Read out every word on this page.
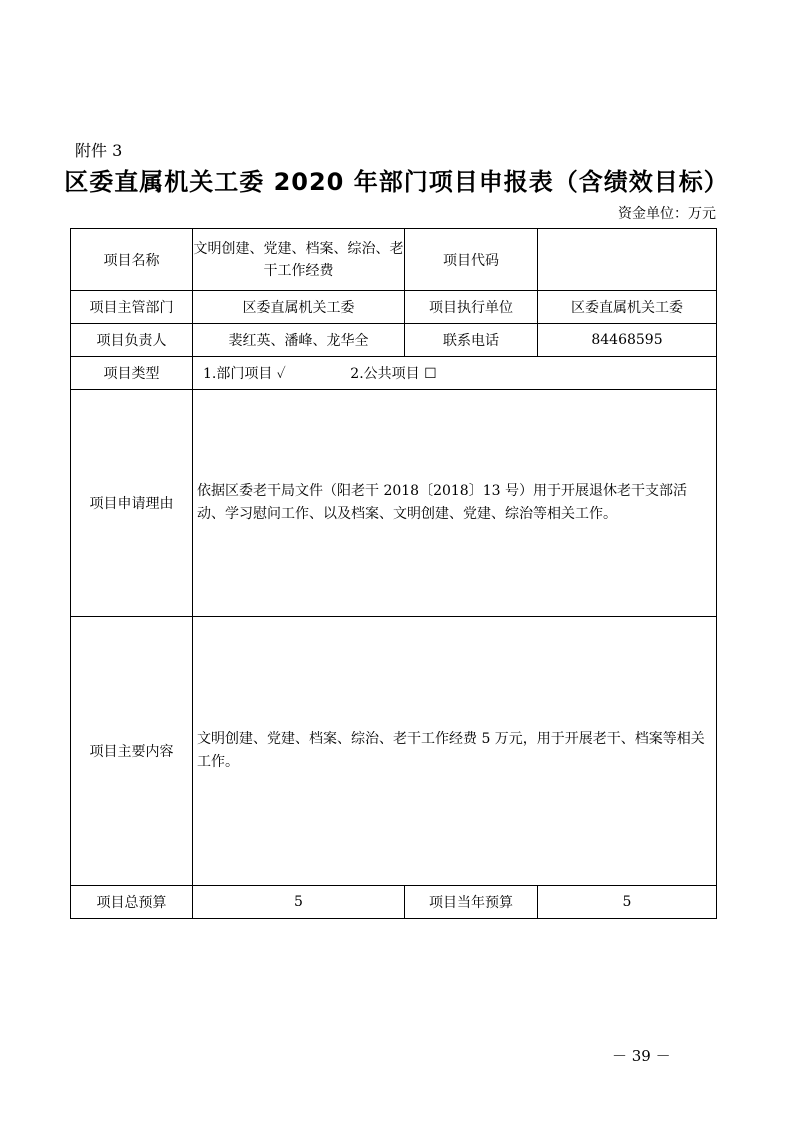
附件 3
区委直属机关工委 2020 年部门项目申报表（含绩效目标）
资金单位：万元
项目名称	文明创建、党建、档案、综治、老干工作经费	项目代码	
项目主管部门	区委直属机关工委	项目执行单位	区委直属机关工委
项目负责人	裴红英、潘峰、龙华全	联系电话	84468595
项目类型	1.部门项目 ✓ 2.公共项目 ☐		
项目申请理由	依据区委老干局文件（阳老干 2018〔2018〕13 号）用于开展退休老干支部活动、学习慰问工作、以及档案、文明创建、党建、综治等相关工作。		
项目主要内容	文明创建、党建、档案、综治、老干工作经费 5 万元，用于开展老干、档案等相关工作。		
项目总预算	5	项目当年预算	5
－ 39 －
